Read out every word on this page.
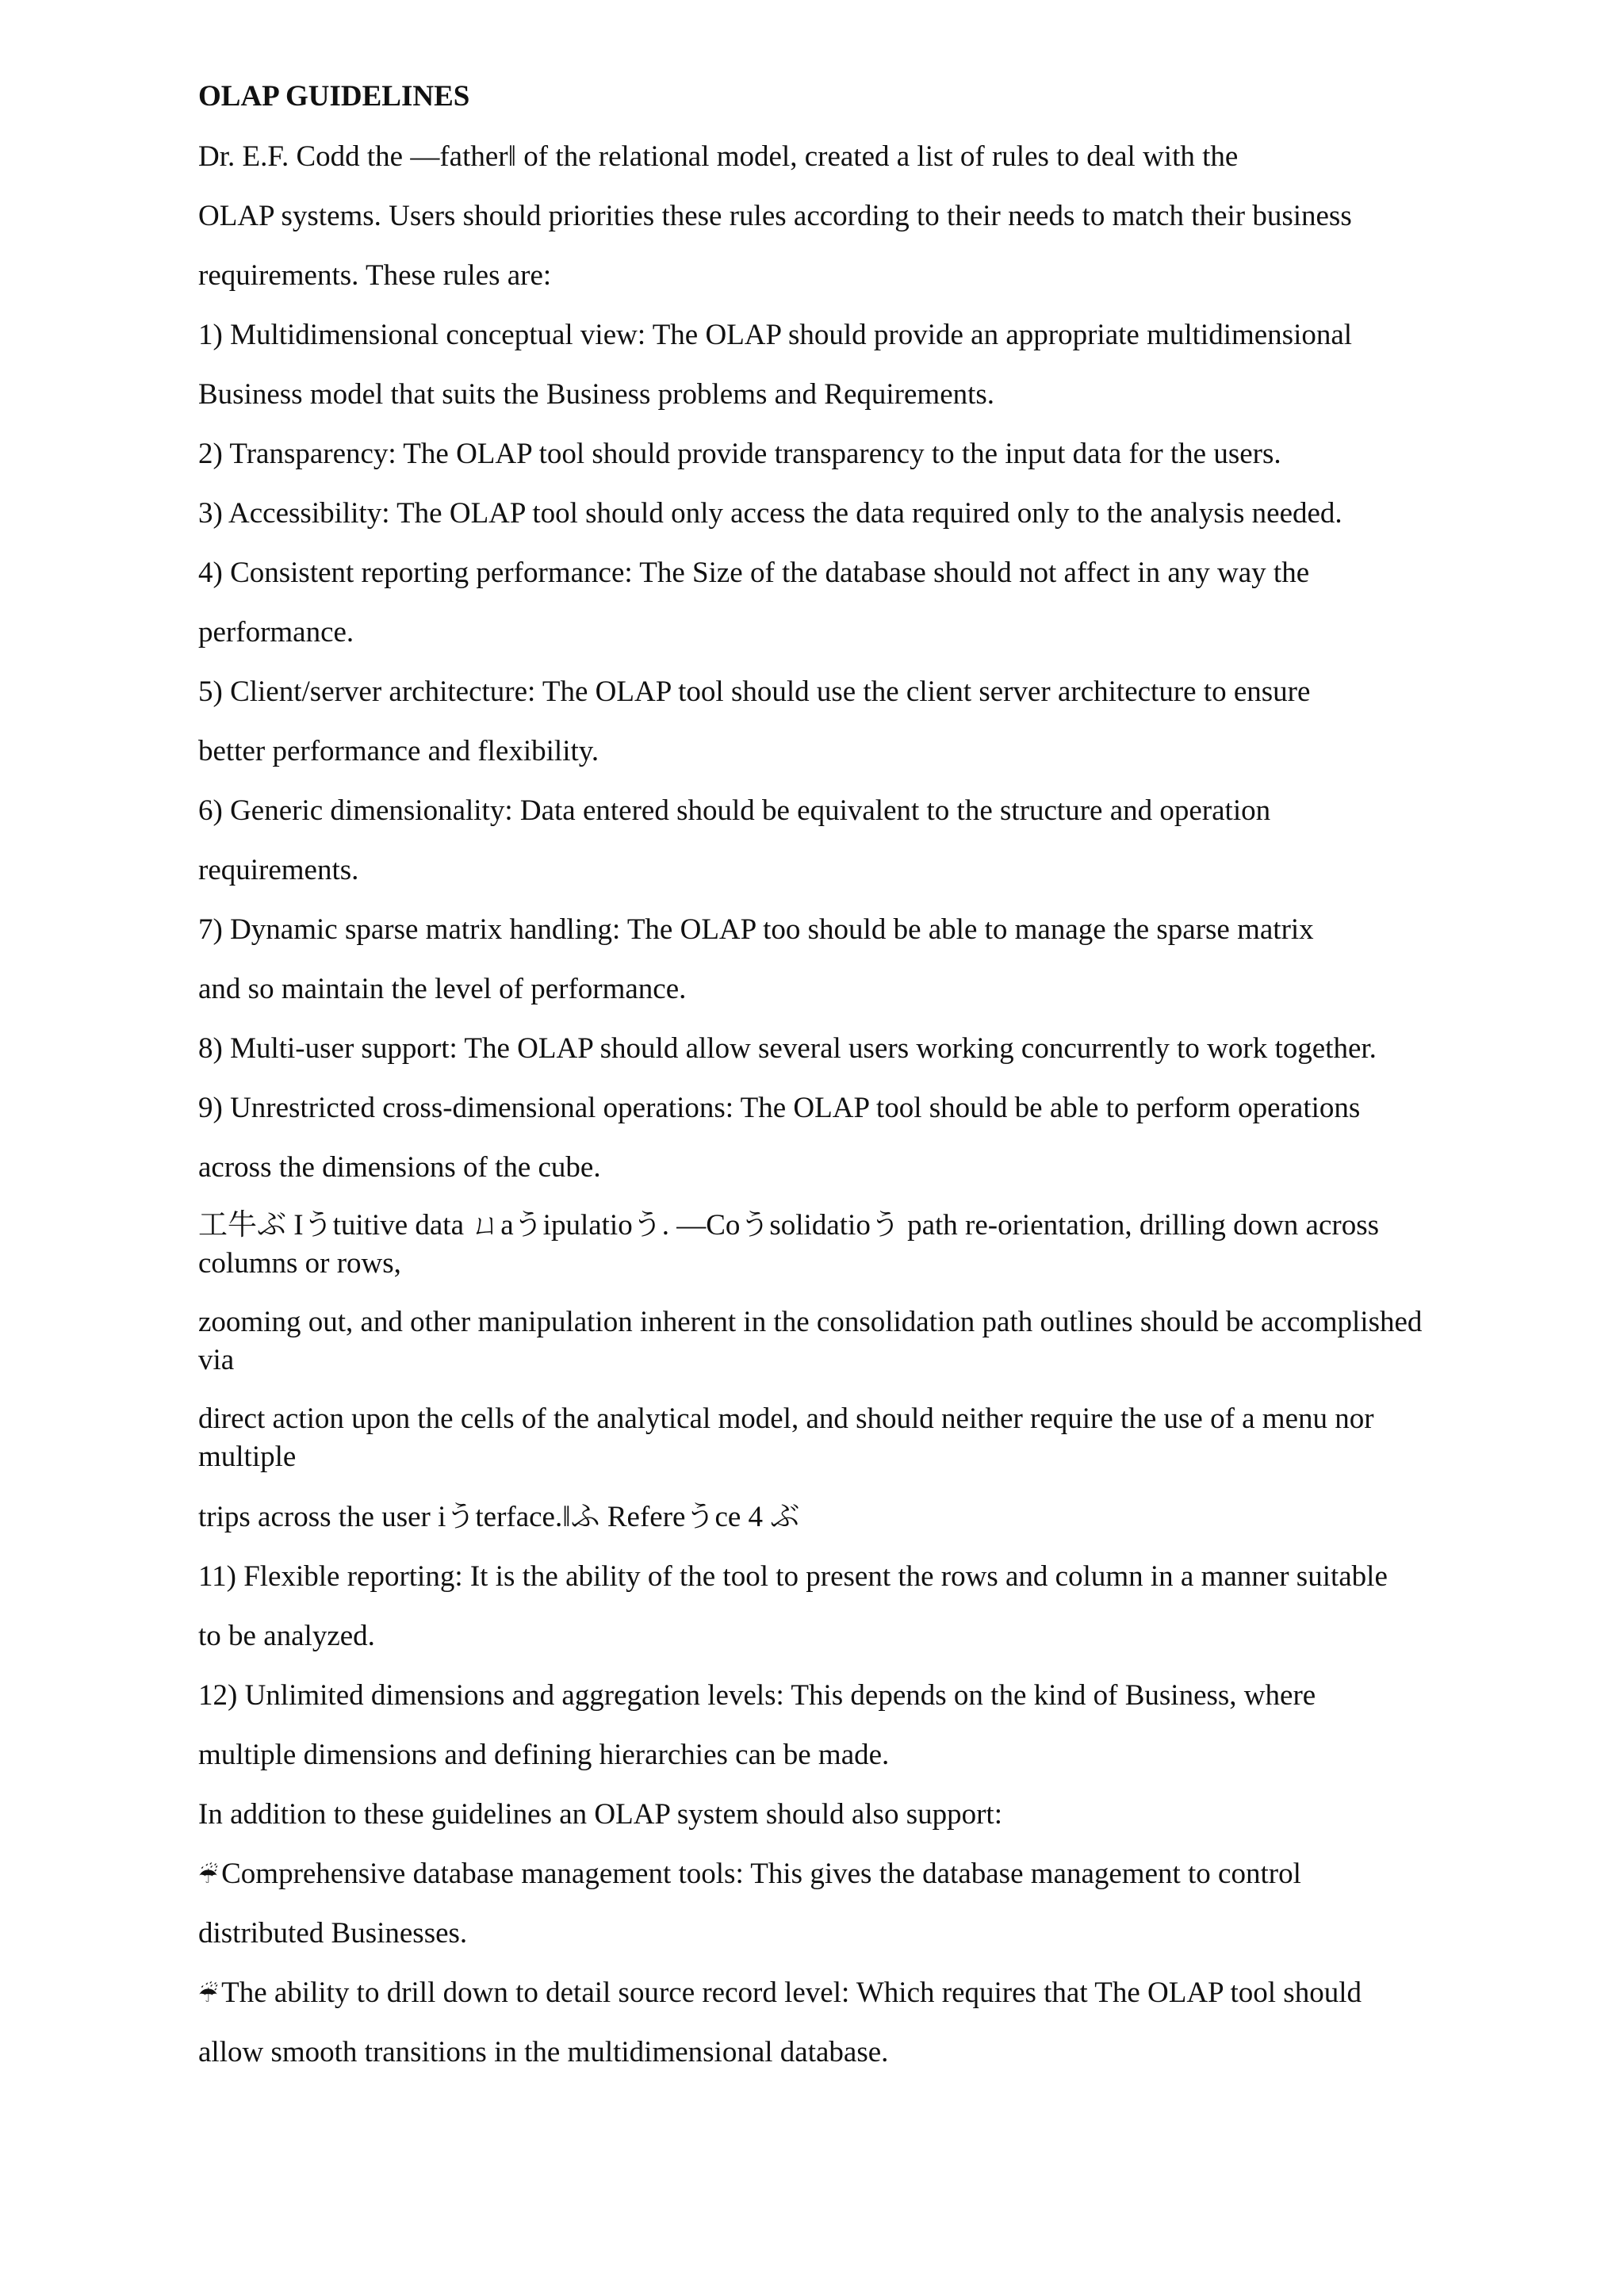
OLAP GUIDELINES
Dr. E.F. Codd the ―father‖ of the relational model, created a list of rules to deal with the
OLAP systems. Users should priorities these rules according to their needs to match their business
requirements. These rules are:
1) Multidimensional conceptual view: The OLAP should provide an appropriate multidimensional
Business model that suits the Business problems and Requirements.
2) Transparency: The OLAP tool should provide transparency to the input data for the users.
3) Accessibility: The OLAP tool should only access the data required only to the analysis needed.
4) Consistent reporting performance: The Size of the database should not affect in any way the
performance.
5) Client/server architecture: The OLAP tool should use the client server architecture to ensure
better performance and flexibility.
6) Generic dimensionality: Data entered should be equivalent to the structure and operation
requirements.
7) Dynamic sparse matrix handling: The OLAP too should be able to manage the sparse matrix
and so maintain the level of performance.
8) Multi-user support: The OLAP should allow several users working concurrently to work together.
9) Unrestricted cross-dimensional operations: The OLAP tool should be able to perform operations
across the dimensions of the cube.
工牛ぶ Iうtuitive data ㄩaうipulatioう. ―Coうsolidatioう path re-orientation, drilling down across columns or rows,
zooming out, and other manipulation inherent in the consolidation path outlines should be accomplished via
direct action upon the cells of the analytical model, and should neither require the use of a menu nor multiple
trips across the user iうterface.‖ふ Refereうce 4 ぶ
11) Flexible reporting: It is the ability of the tool to present the rows and column in a manner suitable
to be analyzed.
12) Unlimited dimensions and aggregation levels: This depends on the kind of Business, where
multiple dimensions and defining hierarchies can be made.
In addition to these guidelines an OLAP system should also support:
☔ Comprehensive database management tools: This gives the database management to control
distributed Businesses.
☔ The ability to drill down to detail source record level: Which requires that The OLAP tool should
allow smooth transitions in the multidimensional database.
